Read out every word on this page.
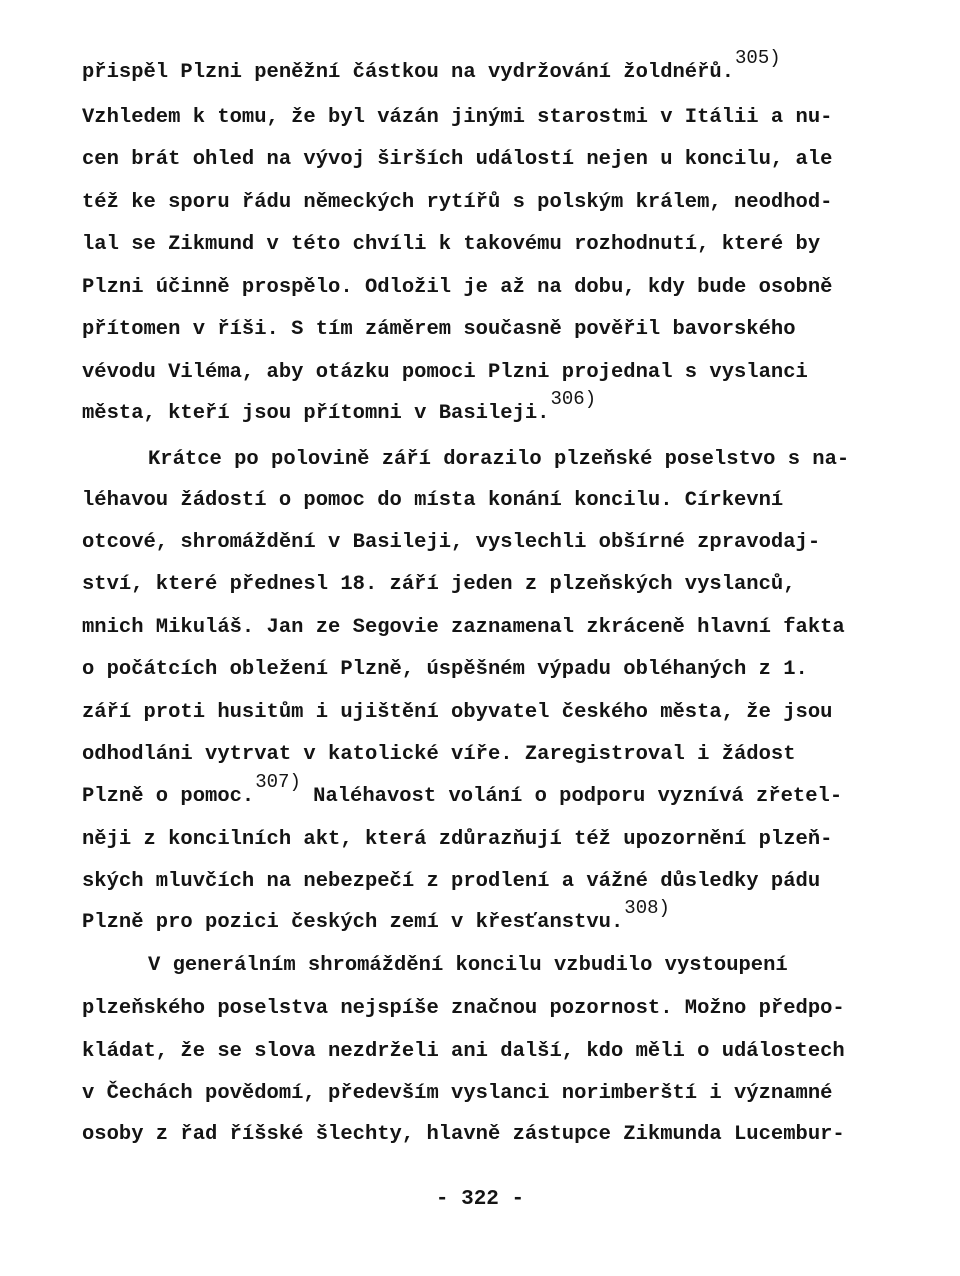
přispěl Plzni peněžní částkou na vydržování žoldnéřů.305)
Vzhledem k tomu, že byl vázán jinými starostmi v Itálii a nu-
cen brát ohled na vývoj širších událostí nejen u koncilu, ale
též ke sporu řádu německých rytířů s polským králem, neodhod-
lal se Zikmund v této chvíli k takovému rozhodnutí, které by
Plzni účinně prospělo. Odložil je až na dobu, kdy bude osobně
přítomen v říši. S tím záměrem současně pověřil bavorského
vévodu Viléma, aby otázku pomoci Plzni projednal s vyslanci
města, kteří jsou přítomni v Basileji.306)
Krátce po polovině září dorazilo plzeňské poselstvo s na-
léhavou žádostí o pomoc do místa konání koncilu. Církevní
otcové, shromáždění v Basileji, vyslechli obšírné zpravodaj-
ství, které přednesl 18. září jeden z plzeňských vyslanců,
mnich Mikuláš. Jan ze Segovie zaznamenal zkráceně hlavní fakta
o počátcích obležení Plzně, úspěšném výpadu obléhaných z 1.
září proti husitům i ujištění obyvatel českého města, že jsou
odhodláni vytrvat v katolické víře. Zaregistroval i žádost
Plzně o pomoc.307) Naléhavost volání o podporu vyznívá zřetel-
něji z koncilních akt, která zdůrazňují též upozornění plzeň-
ských mluvčích na nebezpečí z prodlení a vážné důsledky pádu
Plzně pro pozici českých zemí v křesťanstvu.308)
V generálním shromáždění koncilu vzbudilo vystoupení
plzeňského poselstva nejspíše značnou pozornost. Možno předpo-
kládat, že se slova nezdrželi ani další, kdo měli o událostech
v Čechách povědomí, především vyslanci norimberští i významné
osoby z řad říšské šlechty, hlavně zástupce Zikmunda Lucembur-
- 322 -
